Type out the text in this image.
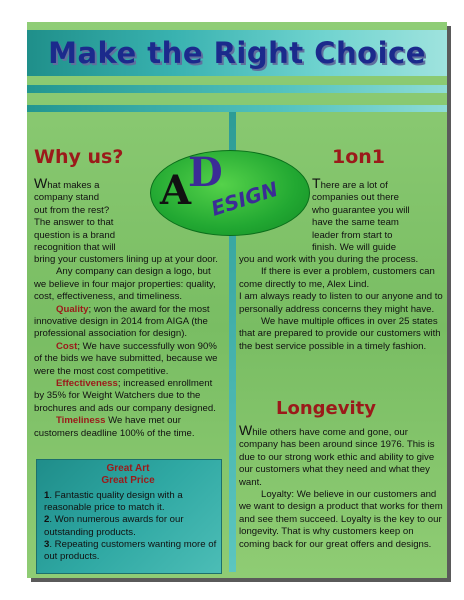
Make the Right Choice
Why us?	1on1
A
D
ESIGN

What makes a

company stand

out from the rest?

The answer to that

question is a brand

recognition that will

bring your customers lining up at your door.

Any company can design a logo, but we believe in four major properties: quality, cost, effectiveness, and timeliness.

Quality; won the award for the most innovative design in 2014 from AIGA (the professional association for design).

Cost; We have successfully won 90% of the bids we have submitted, because we were the most cost competitive.

Effectiveness; increased enrollment by 35% for Weight Watchers due to the brochures and ads our company designed.

Timeliness We have met our customers deadline 100% of the time.

Great Art
Great Price

1. Fantastic quality design with a reasonable price to match it.

2. Won numerous awards for our outstanding products.

3. Repeating customers wanting more of out products.

There are a lot of

companies out there

who guarantee you will

have the same team

leader from start to

finish. We will guide

you and work with you during the process.

If there is ever a problem, customers can come directly to me, Alex Lind.

I am always ready to listen to our anyone and to personally address concerns they might have.

We have multiple offices in over 25 states that are prepared to provide our customers with the best service possible in a timely fashion.

Longevity

While others have come and gone, our company has been around since 1976. This is due to our strong work ethic and ability to give our customers what they need and what they want.

Loyalty: We believe in our customers and we want to design a product that works for them and see them succeed. Loyalty is the key to our longevity. That is why customers keep on coming back for our great offers and designs.
